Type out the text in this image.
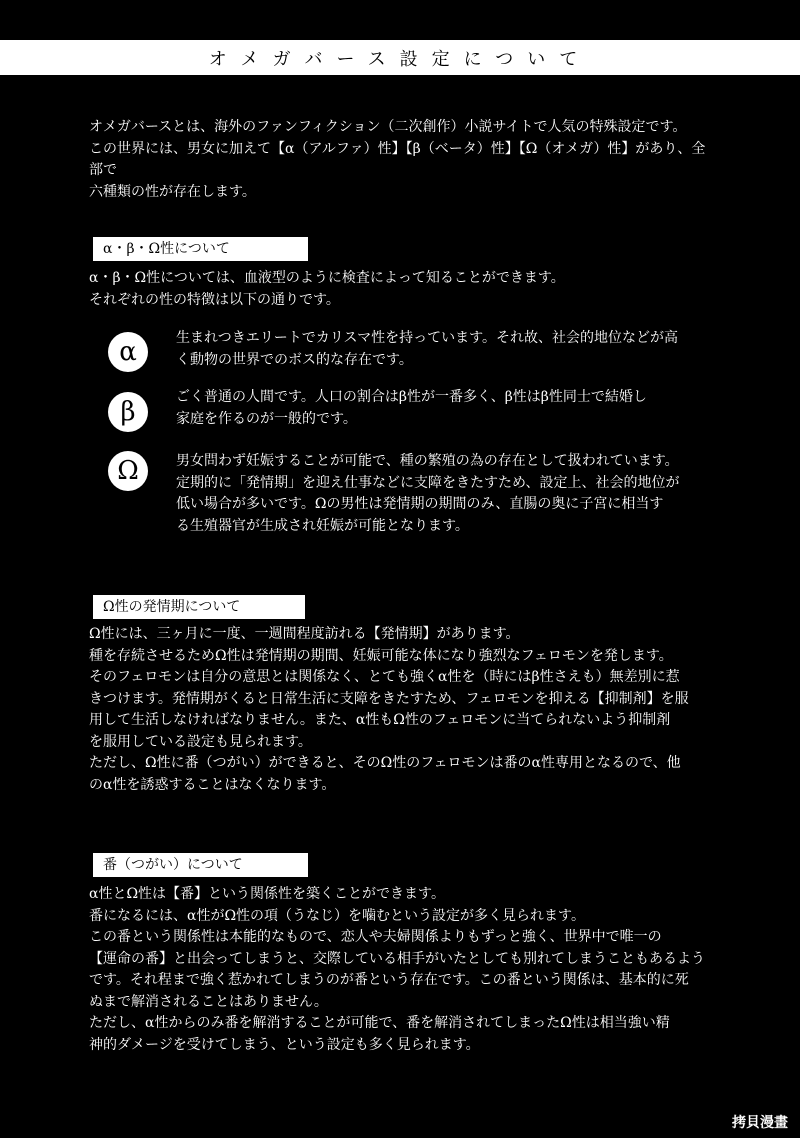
オメガバース設定について

オメガバースとは、海外のファンフィクション（二次創作）小説サイトで人気の特殊設定です。
この世界には、男女に加えて【α（アルファ）性】【β（ベータ）性】【Ω（オメガ）性】があり、全部で
六種類の性が存在します。

α・β・Ω性について

α・β・Ω性については、血液型のように検査によって知ることができます。
それぞれの性の特徴は以下の通りです。

α	生まれつきエリートでカリスマ性を持っています。それ故、社会的地位などが高
く動物の世界でのボス的な存在です。

β	ごく普通の人間です。人口の割合はβ性が一番多く、β性はβ性同士で結婚し
家庭を作るのが一般的です。

Ω	男女問わず妊娠することが可能で、種の繁殖の為の存在として扱われています。
定期的に「発情期」を迎え仕事などに支障をきたすため、設定上、社会的地位が
低い場合が多いです。Ωの男性は発情期の期間のみ、直腸の奥に子宮に相当す
る生殖器官が生成され妊娠が可能となります。

Ω性の発情期について

Ω性には、三ヶ月に一度、一週間程度訪れる【発情期】があります。
種を存続させるためΩ性は発情期の期間、妊娠可能な体になり強烈なフェロモンを発します。
そのフェロモンは自分の意思とは関係なく、とても強くα性を（時にはβ性さえも）無差別に惹
きつけます。発情期がくると日常生活に支障をきたすため、フェロモンを抑える【抑制剤】を服
用して生活しなければなりません。また、α性もΩ性のフェロモンに当てられないよう抑制剤
を服用している設定も見られます。
ただし、Ω性に番（つがい）ができると、そのΩ性のフェロモンは番のα性専用となるので、他
のα性を誘惑することはなくなります。

番（つがい）について

α性とΩ性は【番】という関係性を築くことができます。
番になるには、α性がΩ性の項（うなじ）を噛むという設定が多く見られます。
この番という関係性は本能的なもので、恋人や夫婦関係よりもずっと強く、世界中で唯一の
【運命の番】と出会ってしまうと、交際している相手がいたとしても別れてしまうこともあるよう
です。それ程まで強く惹かれてしまうのが番という存在です。この番という関係は、基本的に死
ぬまで解消されることはありません。
ただし、α性からのみ番を解消することが可能で、番を解消されてしまったΩ性は相当強い精
神的ダメージを受けてしまう、という設定も多く見られます。

拷貝漫畫
